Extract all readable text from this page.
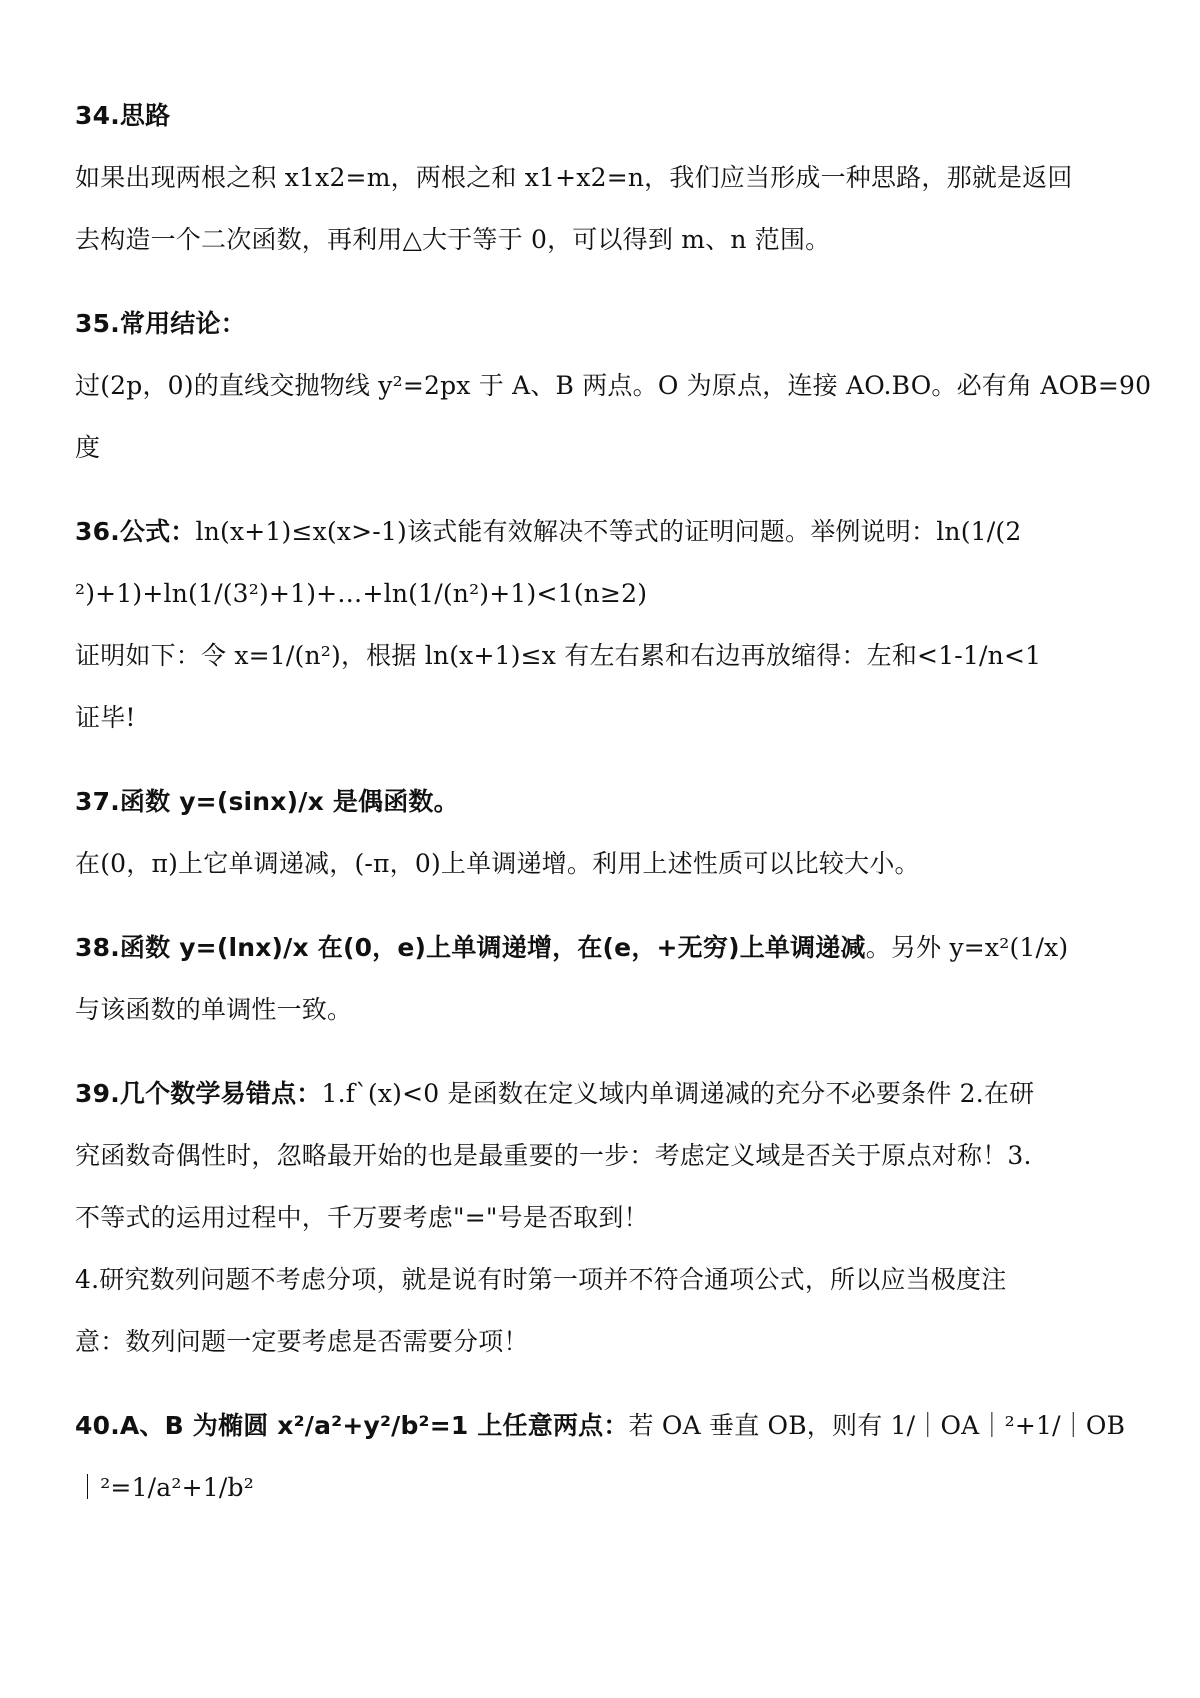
34.思路
如果出现两根之积 x1x2=m，两根之和 x1+x2=n，我们应当形成一种思路，那就是返回
去构造一个二次函数，再利用△大于等于 0，可以得到 m、n 范围。
35.常用结论：
过(2p，0)的直线交抛物线 y²=2px 于 A、B 两点。O 为原点，连接 AO.BO。必有角 AOB=90
度
36.公式：ln(x+1)≤x(x>-1)该式能有效解决不等式的证明问题。举例说明：ln(1/(2
²)+1)+ln(1/(3²)+1)+…+ln(1/(n²)+1)<1(n≥2)
证明如下：令 x=1/(n²)，根据 ln(x+1)≤x 有左右累和右边再放缩得：左和<1-1/n<1
证毕!
37.函数 y=(sinx)/x 是偶函数。
在(0，π)上它单调递减，(-π，0)上单调递增。利用上述性质可以比较大小。
38.函数 y=(lnx)/x 在(0，e)上单调递增，在(e，+无穷)上单调递减。另外 y=x²(1/x)
与该函数的单调性一致。
39.几个数学易错点：1.f`(x)<0 是函数在定义域内单调递减的充分不必要条件 2.在研
究函数奇偶性时，忽略最开始的也是最重要的一步：考虑定义域是否关于原点对称！3.
不等式的运用过程中，千万要考虑"="号是否取到！
4.研究数列问题不考虑分项，就是说有时第一项并不符合通项公式，所以应当极度注
意：数列问题一定要考虑是否需要分项！
40.A、B 为椭圆 x²/a²+y²/b²=1 上任意两点：若 OA 垂直 OB，则有 1/｜OA｜²+1/｜OB
｜²=1/a²+1/b²
